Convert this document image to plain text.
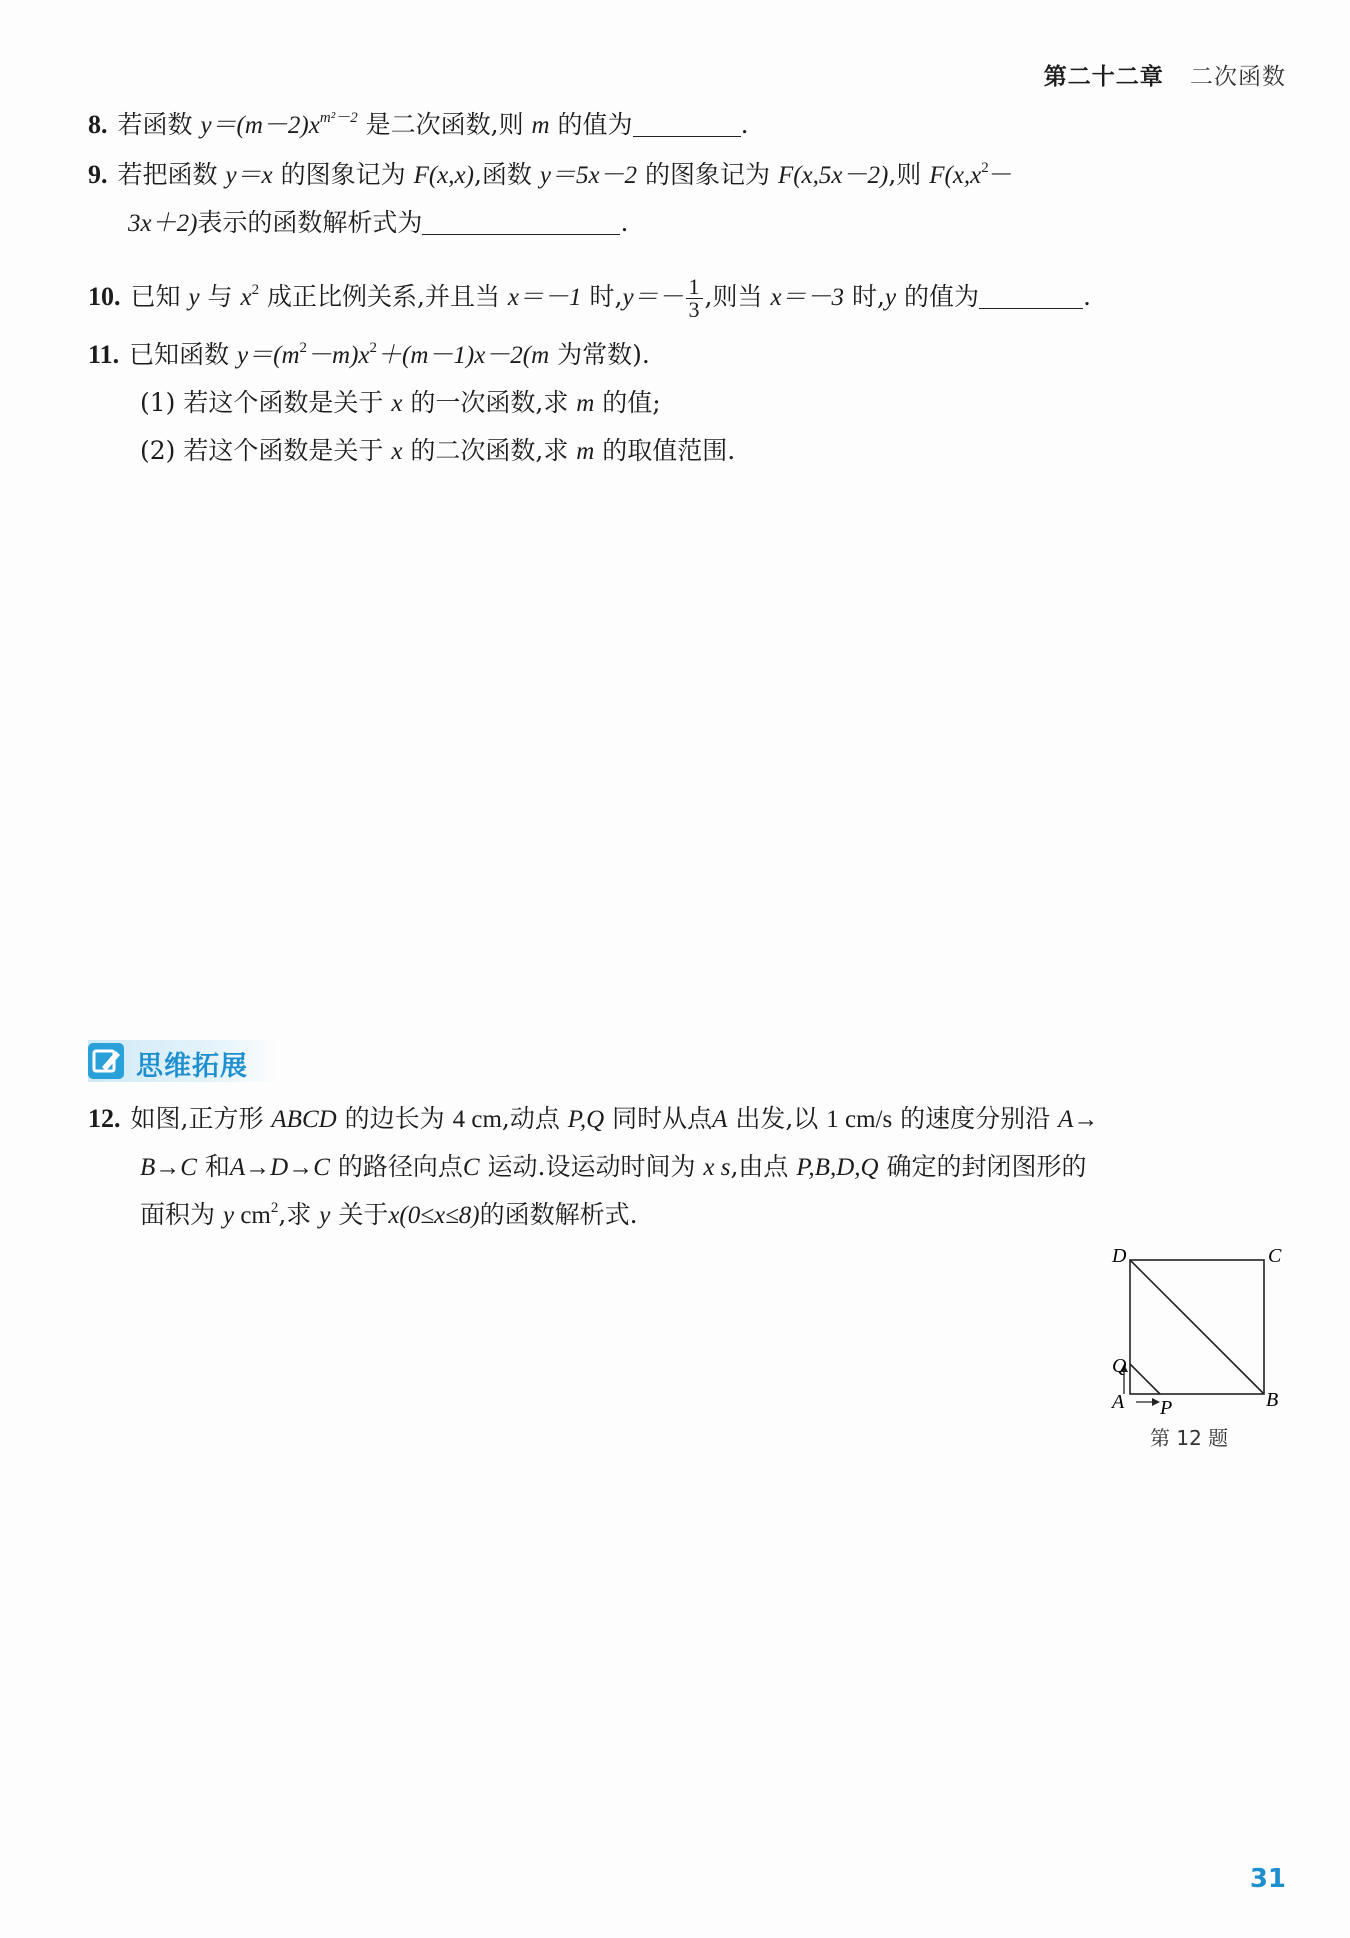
第二十二章 二次函数
8. 若函数 $y=(m-2)x^{m^2-2}$ 是二次函数,则 m 的值为	.
9. 若把函数 y＝x 的图象记为 F(x,x),函数 y＝5x－2 的图象记为 F(x,5x－2),则 $F(x,x^2-$
3x＋2)表示的函数解析式为	.
10. 已知 y 与 $x^2$ 成正比例关系,并且当 x＝－1 时$,y=- \frac{1}{3}$ ,则当 x＝－3 时,y 的值为	.
11. 已知函数 $y=(m^2-m)x^2+(m-1)x-2(m$ 为常数).
(1) 若这个函数是关于 x 的一次函数,求 m 的值;
(2) 若这个函数是关于 x 的二次函数,求 m 的取值范围.
思维拓展
12. 如图,正方形 ABCD 的边长为 4 cm,动点 P,Q 同时从点A 出发,以 1 cm/s 的速度分别沿 A→
B→C 和A→D→C 的路径向点C 运动.设运动时间为 x s,由点 P,B,D,Q 确定的封闭图形的
面积为 y $cm^2$,求 y 关于x(0≤x≤8)的函数解析式.
D	C
Q
A P	B
第 12 题
31
